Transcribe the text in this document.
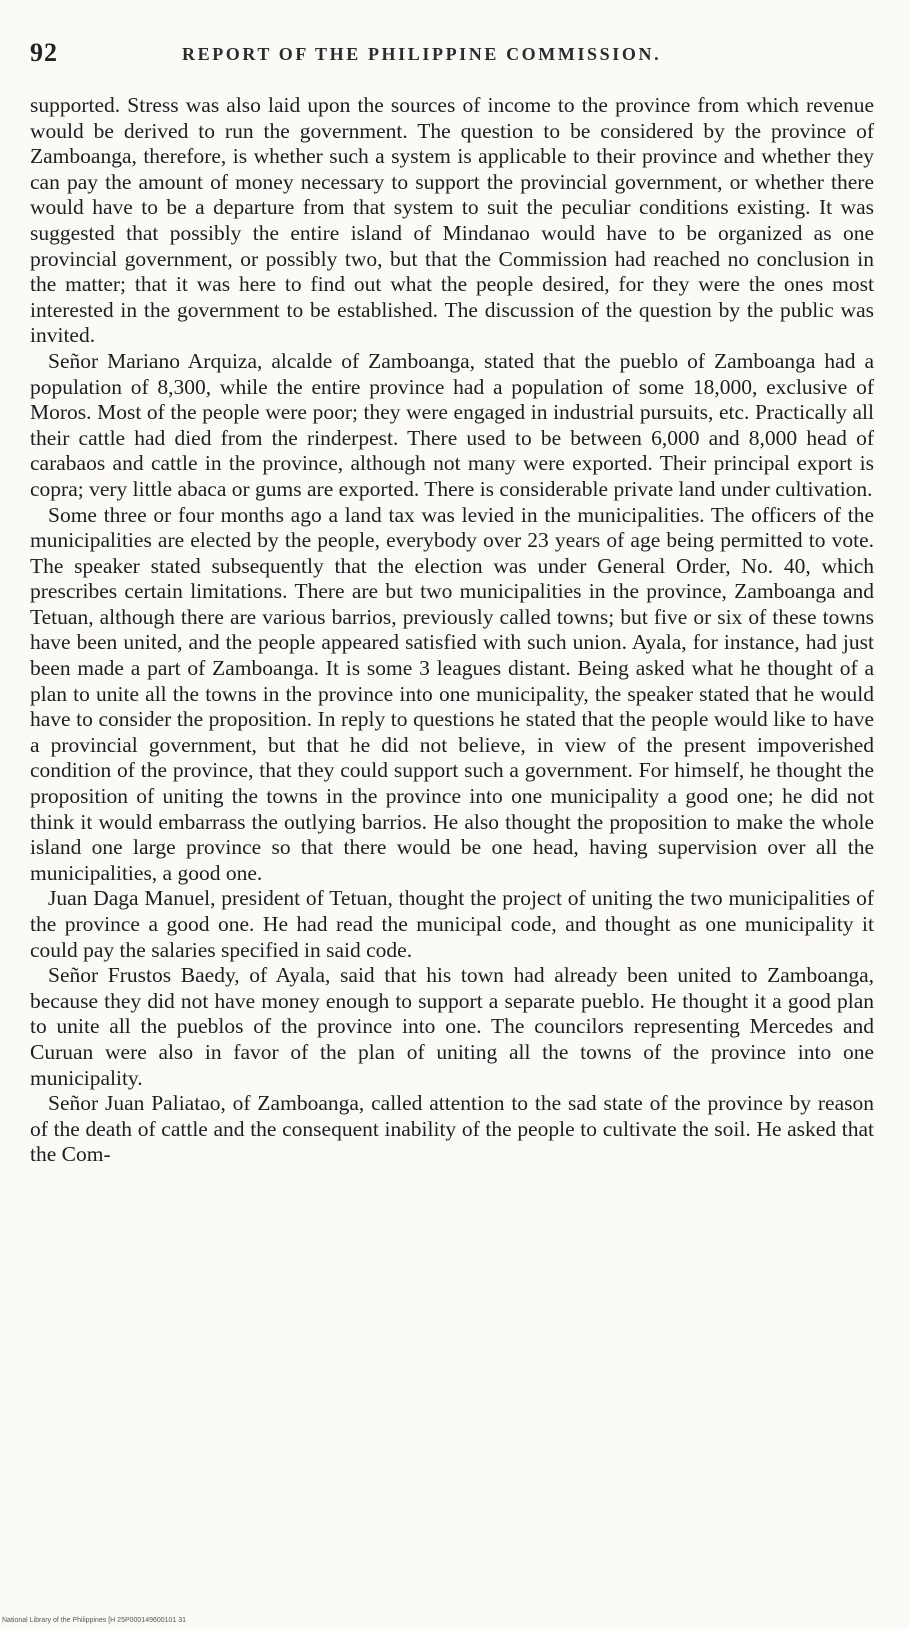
92	REPORT OF THE PHILIPPINE COMMISSION.

supported. Stress was also laid upon the sources of income to the province from which revenue would be derived to run the government. The question to be considered by the province of Zamboanga, therefore, is whether such a system is applicable to their province and whether they can pay the amount of money necessary to support the provincial government, or whether there would have to be a departure from that system to suit the peculiar conditions existing. It was suggested that possibly the entire island of Mindanao would have to be organized as one provincial government, or possibly two, but that the Commission had reached no conclusion in the matter; that it was here to find out what the people desired, for they were the ones most interested in the government to be established. The discussion of the question by the public was invited.

Señor Mariano Arquiza, alcalde of Zamboanga, stated that the pueblo of Zamboanga had a population of 8,300, while the entire province had a population of some 18,000, exclusive of Moros. Most of the people were poor; they were engaged in industrial pursuits, etc. Practically all their cattle had died from the rinderpest. There used to be between 6,000 and 8,000 head of carabaos and cattle in the province, although not many were exported. Their principal export is copra; very little abaca or gums are exported. There is considerable private land under cultivation.

Some three or four months ago a land tax was levied in the municipalities. The officers of the municipalities are elected by the people, everybody over 23 years of age being permitted to vote. The speaker stated subsequently that the election was under General Order, No. 40, which prescribes certain limitations. There are but two municipalities in the province, Zamboanga and Tetuan, although there are various barrios, previously called towns; but five or six of these towns have been united, and the people appeared satisfied with such union. Ayala, for instance, had just been made a part of Zamboanga. It is some 3 leagues distant. Being asked what he thought of a plan to unite all the towns in the province into one municipality, the speaker stated that he would have to consider the proposition. In reply to questions he stated that the people would like to have a provincial government, but that he did not believe, in view of the present impoverished condition of the province, that they could support such a government. For himself, he thought the proposition of uniting the towns in the province into one municipality a good one; he did not think it would embarrass the outlying barrios. He also thought the proposition to make the whole island one large province so that there would be one head, having supervision over all the municipalities, a good one.

Juan Daga Manuel, president of Tetuan, thought the project of uniting the two municipalities of the province a good one. He had read the municipal code, and thought as one municipality it could pay the salaries specified in said code.

Señor Frustos Baedy, of Ayala, said that his town had already been united to Zamboanga, because they did not have money enough to support a separate pueblo. He thought it a good plan to unite all the pueblos of the province into one. The councilors representing Mercedes and Curuan were also in favor of the plan of uniting all the towns of the province into one municipality.

Señor Juan Paliatao, of Zamboanga, called attention to the sad state of the province by reason of the death of cattle and the consequent inability of the people to cultivate the soil. He asked that the Com-

National Library of the Philippines [H 25P000149600101 31
